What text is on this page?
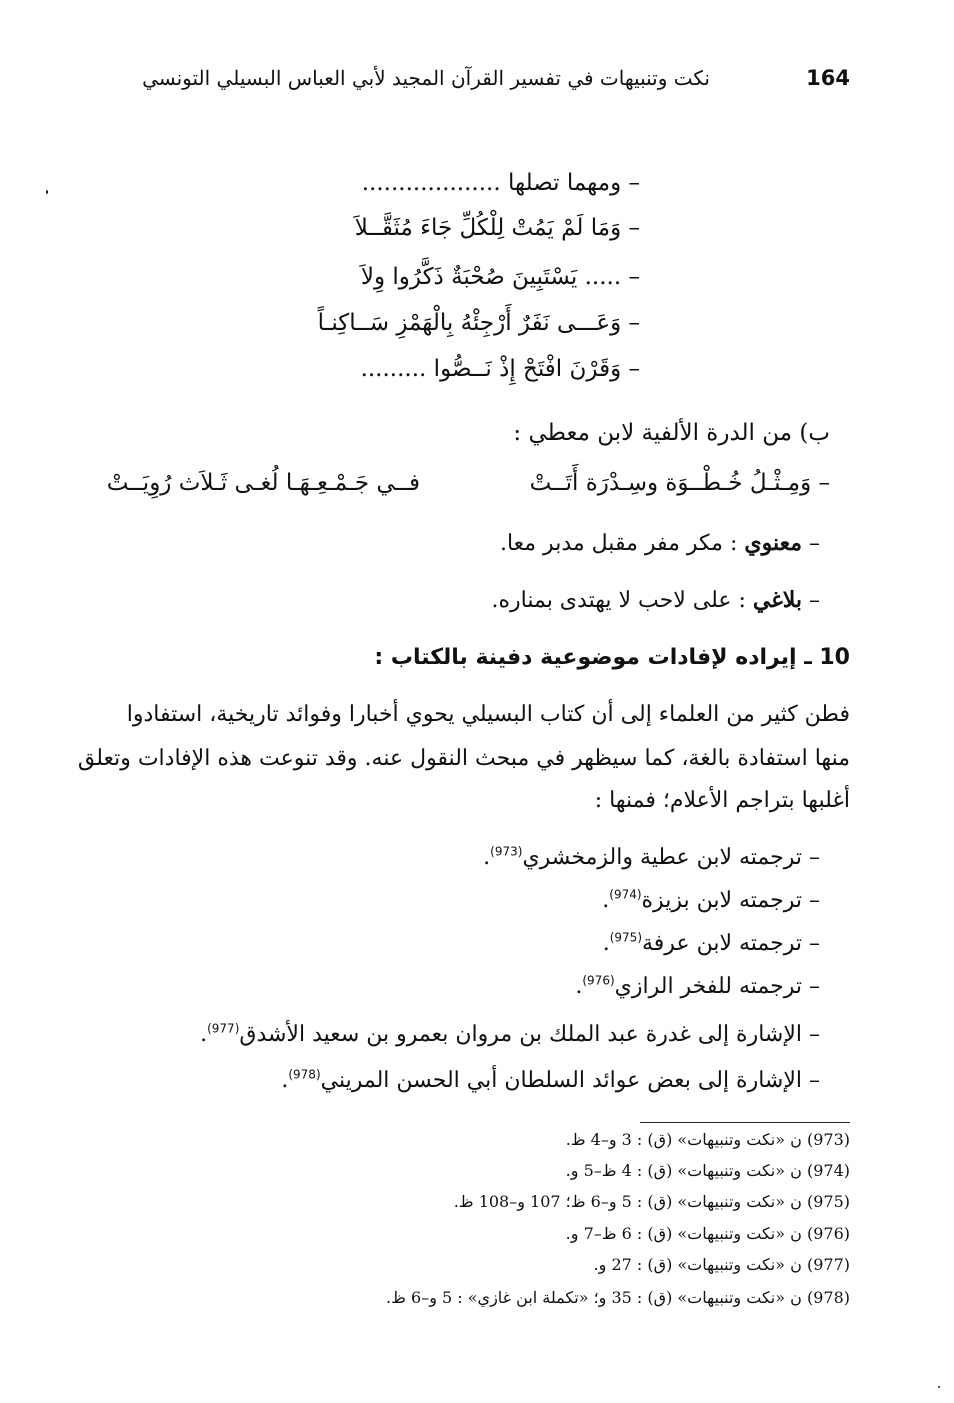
164
نكت وتنبيهات في تفسير القرآن المجيد لأبي العباس البسيلي التونسي
– ومهما تصلها ...................
– وَمَا لَمْ يَمُتْ لِلْكُلِّ جَاءَ مُثَقَّــلاَ
– ..... يَسْتَبِينَ صُحْبَةٌ ذَكَّرُوا وِلاَ
– وَعَـــى نَفَرٌ أَرْجِئْهُ بِالْهَمْزِ سَــاكِنـاً
– وَقَرْنَ افْتَحْ إِذْ نَــصُّوا .........
ب) من الدرة الألفية لابن معطي :
– وَمِـثْـلُ خُـطْــوَة وسِـدْرَة أَتَــتْ
فــي جَـمْـعِـهَـا لُغـى ثَـلاَث رُوِيَــتْ
– معنوي : مكر مفر مقبل مدبر معا.
– بلاغي : على لاحب لا يهتدى بمناره.
10 ـ إيراده لإفادات موضوعية دفينة بالكتاب :
فطن كثير من العلماء إلى أن كتاب البسيلي يحوي أخبارا وفوائد تاريخية، استفادوا
منها استفادة بالغة، كما سيظهر في مبحث النقول عنه. وقد تنوعت هذه الإفادات وتعلق
أغلبها بتراجم الأعلام؛ فمنها :
– ترجمته لابن عطية والزمخشري$^{(973)}$.
– ترجمته لابن بزيزة$^{(974)}$.
– ترجمته لابن عرفة$^{(975)}$.
– ترجمته للفخر الرازي$^{(976)}$.
– الإشارة إلى غدرة عبد الملك بن مروان بعمرو بن سعيد الأشدق$^{(977)}$.
– الإشارة إلى بعض عوائد السلطان أبي الحسن المريني$^{(978)}$.
(973) ن «نكت وتنبيهات» (ق) : 3 و–4 ظ.
(974) ن «نكت وتنبيهات» (ق) : 4 ظ–5 و.
(975) ن «نكت وتنبيهات» (ق) : 5 و–6 ظ؛ 107 و–108 ظ.
(976) ن «نكت وتنبيهات» (ق) : 6 ظ–7 و.
(977) ن «نكت وتنبيهات» (ق) : 27 و.
(978) ن «نكت وتنبيهات» (ق) : 35 و؛ «تكملة ابن غازي» : 5 و–6 ظ.
